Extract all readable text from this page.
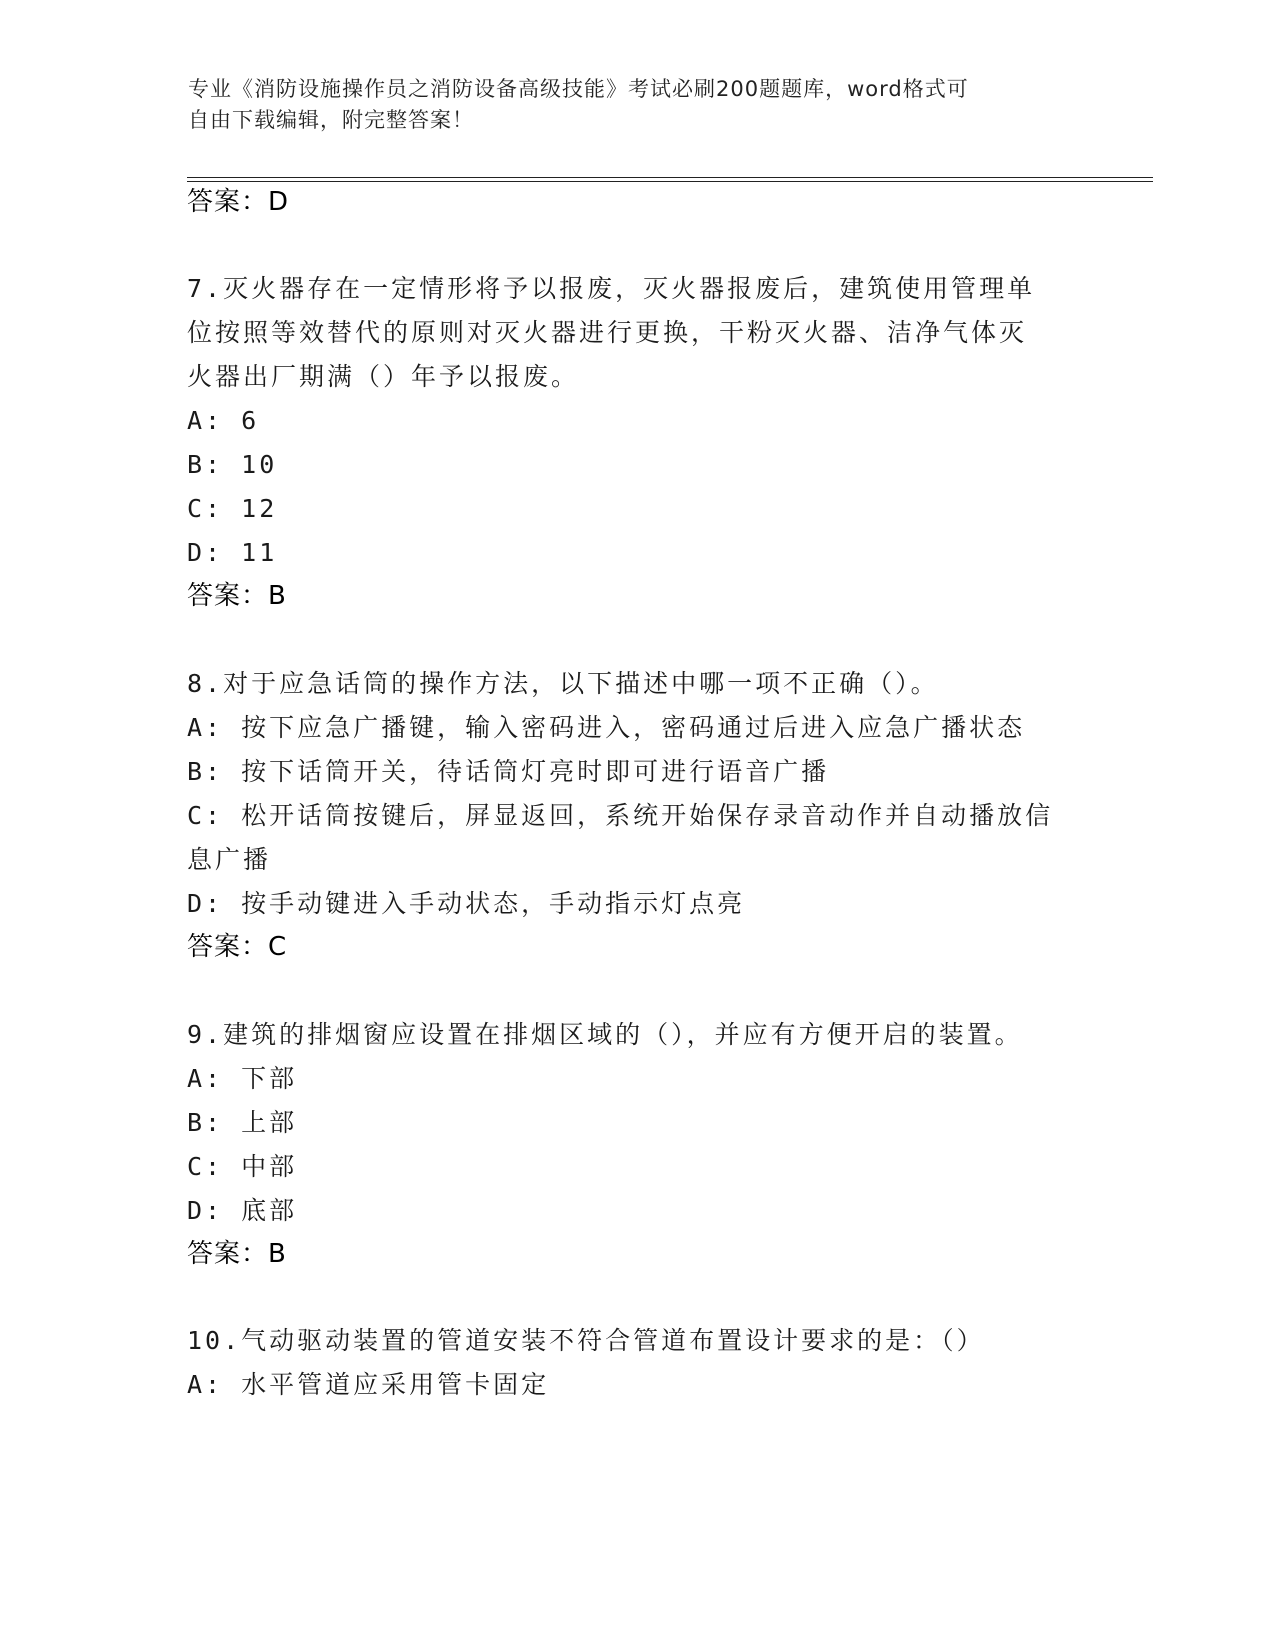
专业《消防设施操作员之消防设备高级技能》考试必刷200题题库，word格式可
自由下载编辑，附完整答案！
答案：D
7.灭火器存在一定情形将予以报废，灭火器报废后，建筑使用管理单
位按照等效替代的原则对灭火器进行更换，干粉灭火器、洁净气体灭
火器出厂期满（）年予以报废。
A: 6
B: 10
C: 12
D: 11
答案：B
8.对于应急话筒的操作方法，以下描述中哪一项不正确（）。
A: 按下应急广播键，输入密码进入，密码通过后进入应急广播状态
B: 按下话筒开关，待话筒灯亮时即可进行语音广播
C: 松开话筒按键后，屏显返回，系统开始保存录音动作并自动播放信
息广播
D: 按手动键进入手动状态，手动指示灯点亮
答案：C
9.建筑的排烟窗应设置在排烟区域的（），并应有方便开启的装置。
A: 下部
B: 上部
C: 中部
D: 底部
答案：B
10.气动驱动装置的管道安装不符合管道布置设计要求的是：（）
A: 水平管道应采用管卡固定
